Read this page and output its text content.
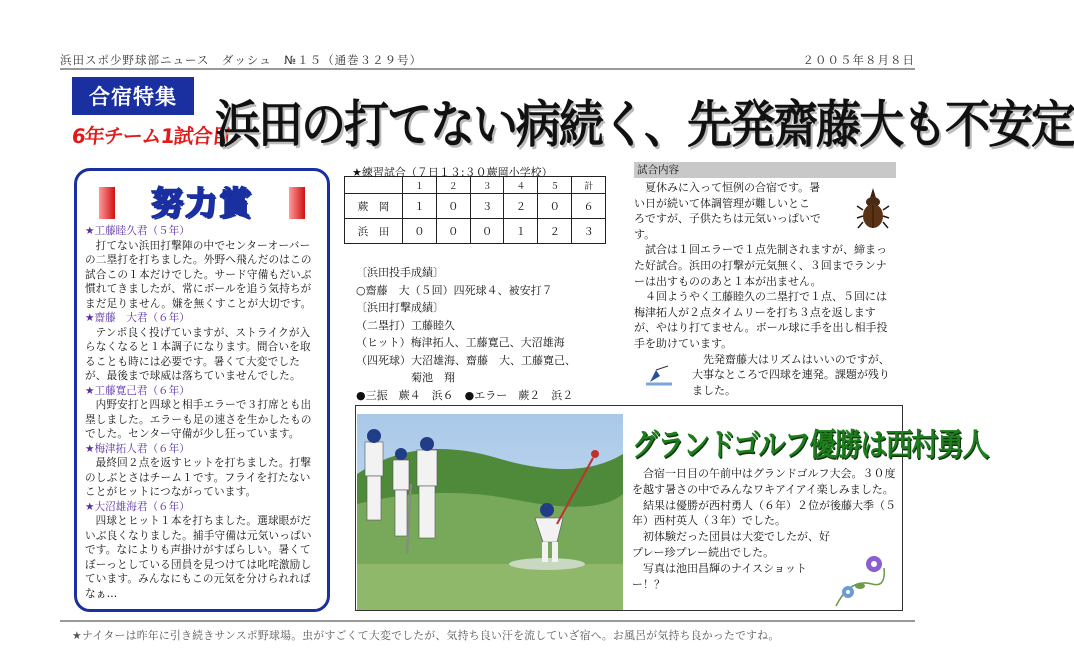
浜田スポ少野球部ニュース　ダッシュ　№１５（通巻３２９号）	２００５年８月８日
合宿特集
6年チーム1試合目
浜田の打てない病続く、先発齋藤大も不安定
努力賞
★工藤睦久君（５年）

打てない浜田打撃陣の中でセンターオーバーの二塁打を打ちました。外野へ飛んだのはこの試合この１本だけでした。サード守備もだいぶ慣れてきましたが、常にボールを追う気持ちがまだ足りません。嫌を無くすことが大切です。

★齋藤　大君（６年）

テンポ良く投げていますが、ストライクが入らなくなると１本調子になります。間合いを取ることも時には必要です。暑くて大変でしたが、最後まで球威は落ちていませんでした。

★工藤寛己君（６年）

内野安打と四球と相手エラーで３打席とも出塁しました。エラーも足の速さを生かしたものでした。センター守備が少し狂っています。

★梅津拓人君（６年）

最終回２点を返すヒットを打ちました。打撃のしぶとさはチーム１です。フライを打たないことがヒットにつながっています。

★大沼雄海君（６年）

四球とヒット１本を打ちました。選球眼がだいぶ良くなりました。捕手守備は元気いっぱいです。なによりも声掛けがすばらしい。暑くてぼーっとしている団員を見つけては叱咤激励しています。みんなにもこの元気を分けられればなぁ…

★練習試合（７日１３:３０蕨岡小学校）
	１	２	３	４	５	計
蕨　岡	１	０	３	２	０	６
浜　田	０	０	０	１	２	３
〔浜田投手成績〕
○齋藤　大（５回）四死球４、被安打７
〔浜田打撃成績〕
（二塁打）工藤睦久
（ヒット）梅津拓人、工藤寛己、大沼雄海
（四死球）大沼雄海、齋藤　大、工藤寛己、
　　　　　菊池　翔
●三振　蕨４　浜６　●エラー　蕨２　浜２
試合内容

夏休みに入って恒例の合宿です。暑
い日が続いて体調管理が難しいとこ
ろですが、子供たちは元気いっぱいで
す。

試合は１回エラーで１点先制されますが、締まった好試合。浜田の打撃が元気無く、３回までランナーは出すもののあと１本が出ません。

４回ようやく工藤睦久の二塁打で１点、５回には梅津拓人が２点タイムリーを打ち３点を返しますが、やはり打てません。ボール球に手を出し相手投手を助けています。

先発齋藤大はリズムはいいのですが、大事なところで四球を連発。課題が残りました。

グランドゴルフ優勝は西村勇人

合宿一日目の午前中はグランドゴルフ大会。３０度を越す暑さの中でみんなワキアイアイ楽しみました。

結果は優勝が西村勇人（６年）２位が後藤大季（５年）西村英人（３年）でした。

初体験だった団員は大変でしたが、好プレー珍プレー続出でした。

写真は池田昌輝のナイスショットー！？

★ナイターは昨年に引き続きサンスポ野球場。虫がすごくて大変でしたが、気持ち良い汗を流していざ宿へ。お風呂が気持ち良かったですね。
